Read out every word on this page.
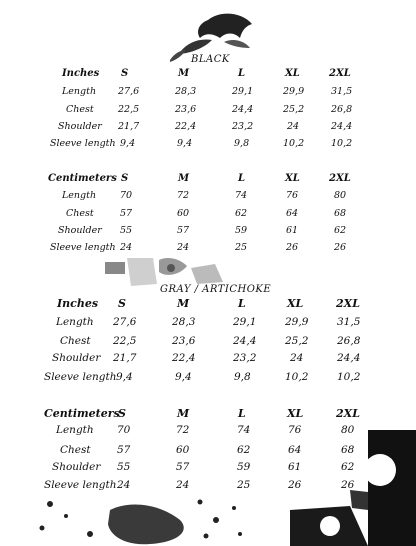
BLACK
Inches S	M	L	XL	2XL
Length 27,6	28,3	29,1	29,9	31,5
Chest	22,5	23,6	24,4	25,2	26,8
Shoulder 21,7	22,4	23,2	24	24,4
Sleeve length 9,4	9,4	9,8	10,2	10,2
Centimeters S	M	L	XL	2XL
Length	70	72	74	76	80
Chest	57	60	62	64	68
Shoulder 55	57	59	61	62
Sleeve length 24	24	25	26	26
GRAY / ARTICHOKE
Inches S	M	L	XL	2XL
Length 27,6	28,3	29,1	29,9	31,5
Chest 22,5	23,6	24,4	25,2	26,8
Shoulder 21,7	22,4	23,2	24	24,4
Sleeve length 9,4	9,4	9,8	10,2	10,2
Centimeters
S	M	L	XL	2XL
Length 70	72	74	76	80
Chest	57	60	62	64	68
Shoulder 55	57	59	61	62
Sleeve length 24	24	25	26	26
